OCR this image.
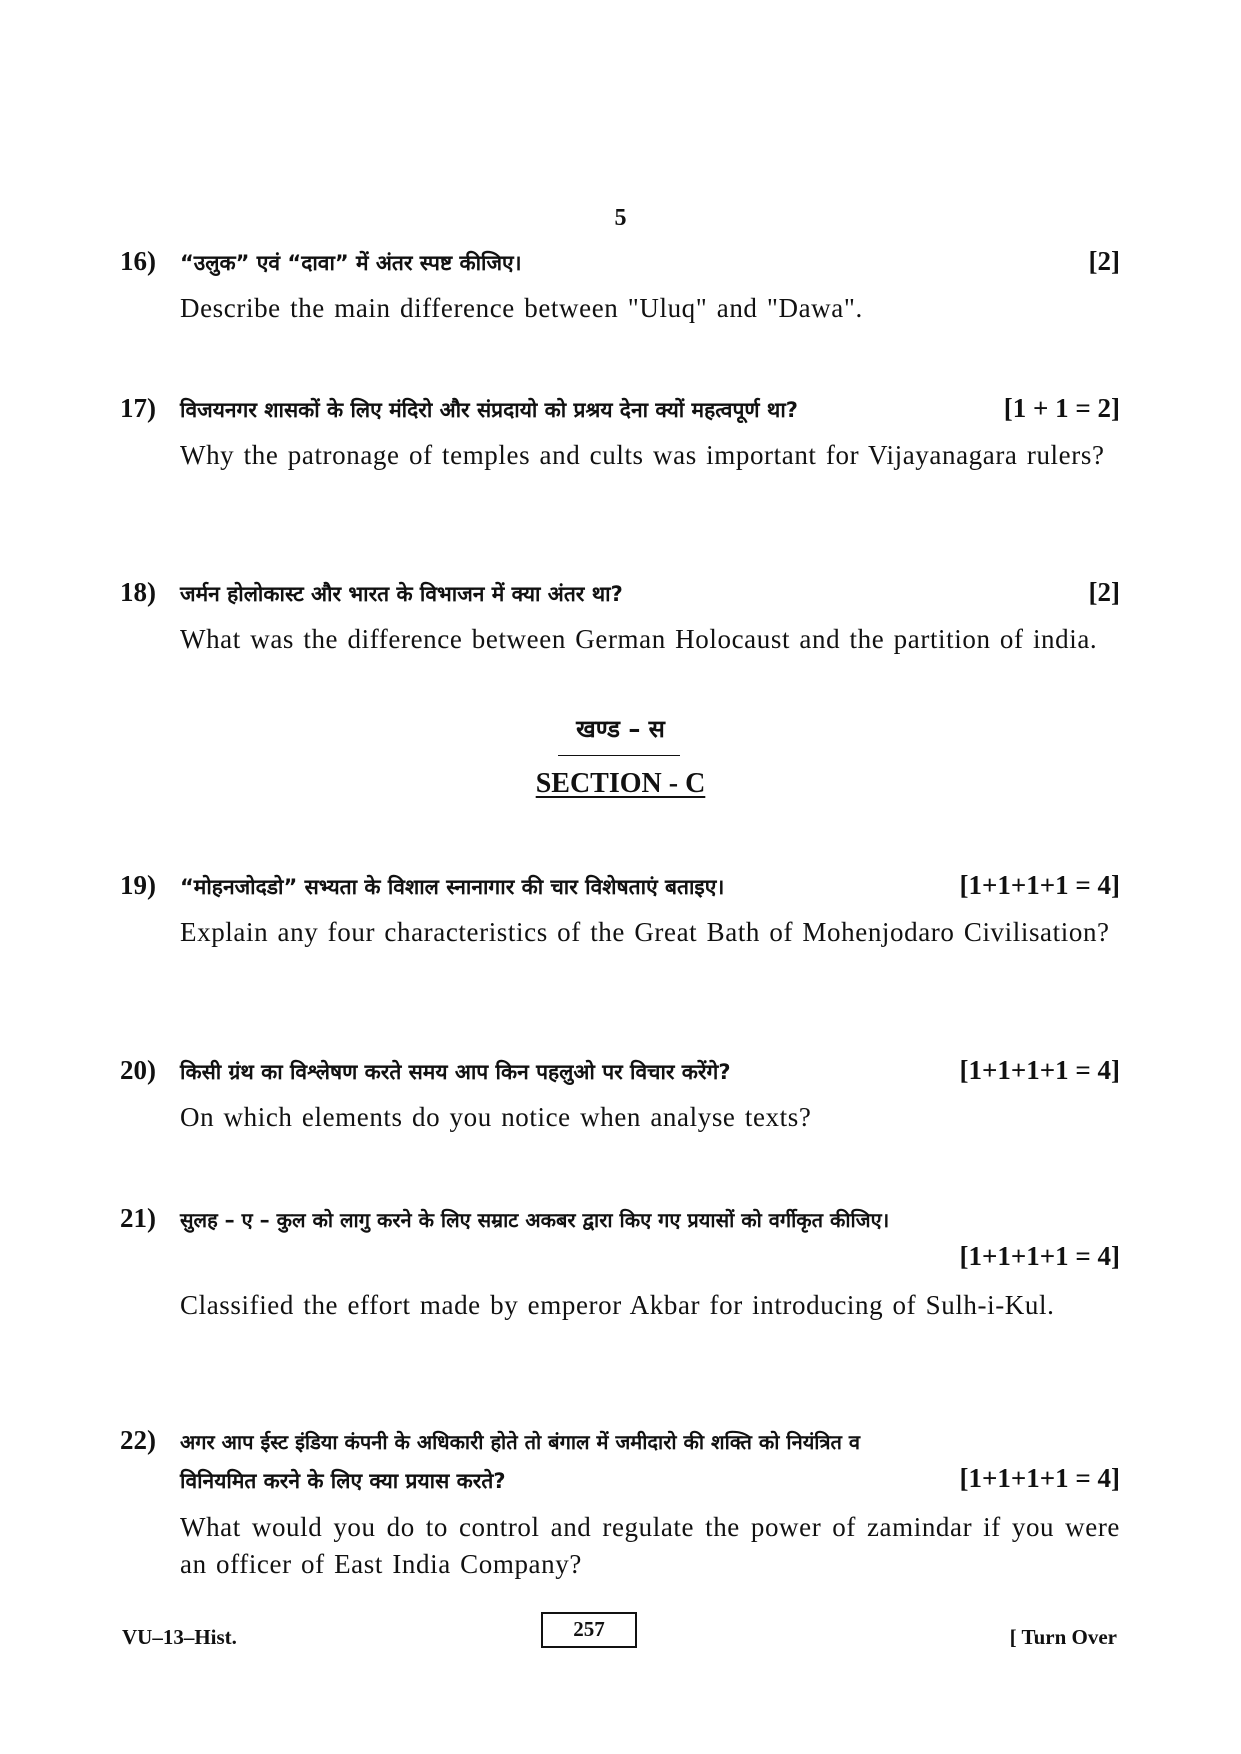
5
16) “उलुक” एवं “दावा” में अंतर स्पष्ट कीजिए।	[2]
Describe the main difference between "Uluq" and "Dawa".
17) विजयनगर शासकों के लिए मंदिरो और संप्रदायो को प्रश्रय देना क्यों महत्वपूर्ण था?	[1 + 1 = 2]
Why the patronage of temples and cults was important for Vijayanagara rulers?
18) जर्मन होलोकास्ट और भारत के विभाजन में क्या अंतर था?	[2]
What was the difference between German Holocaust and the partition of india.
खण्ड – स
SECTION - C
19) “मोहनजोदडो” सभ्यता के विशाल स्नानागार की चार विशेषताएं बताइए।	[1+1+1+1 = 4]
Explain any four characteristics of the Great Bath of Mohenjodaro Civilisation?
20) किसी ग्रंथ का विश्लेषण करते समय आप किन पहलुओ पर विचार करेंगे?	[1+1+1+1 = 4]
On which elements do you notice when analyse texts?
21) सुलह – ए – कुल को लागु करने के लिए सम्राट अकबर द्वारा किए गए प्रयासों को वर्गीकृत कीजिए।
[1+1+1+1 = 4]
Classified the effort made by emperor Akbar for introducing of Sulh-i-Kul.
22) अगर आप ईस्ट इंडिया कंपनी के अधिकारी होते तो बंगाल में जमीदारो की शक्ति को नियंत्रित व
विनियमित करने के लिए क्या प्रयास करते?	[1+1+1+1 = 4]
What would you do to control and regulate the power of zamindar if you were an officer of East India Company?
VU–13–Hist.	257	[ Turn Over
